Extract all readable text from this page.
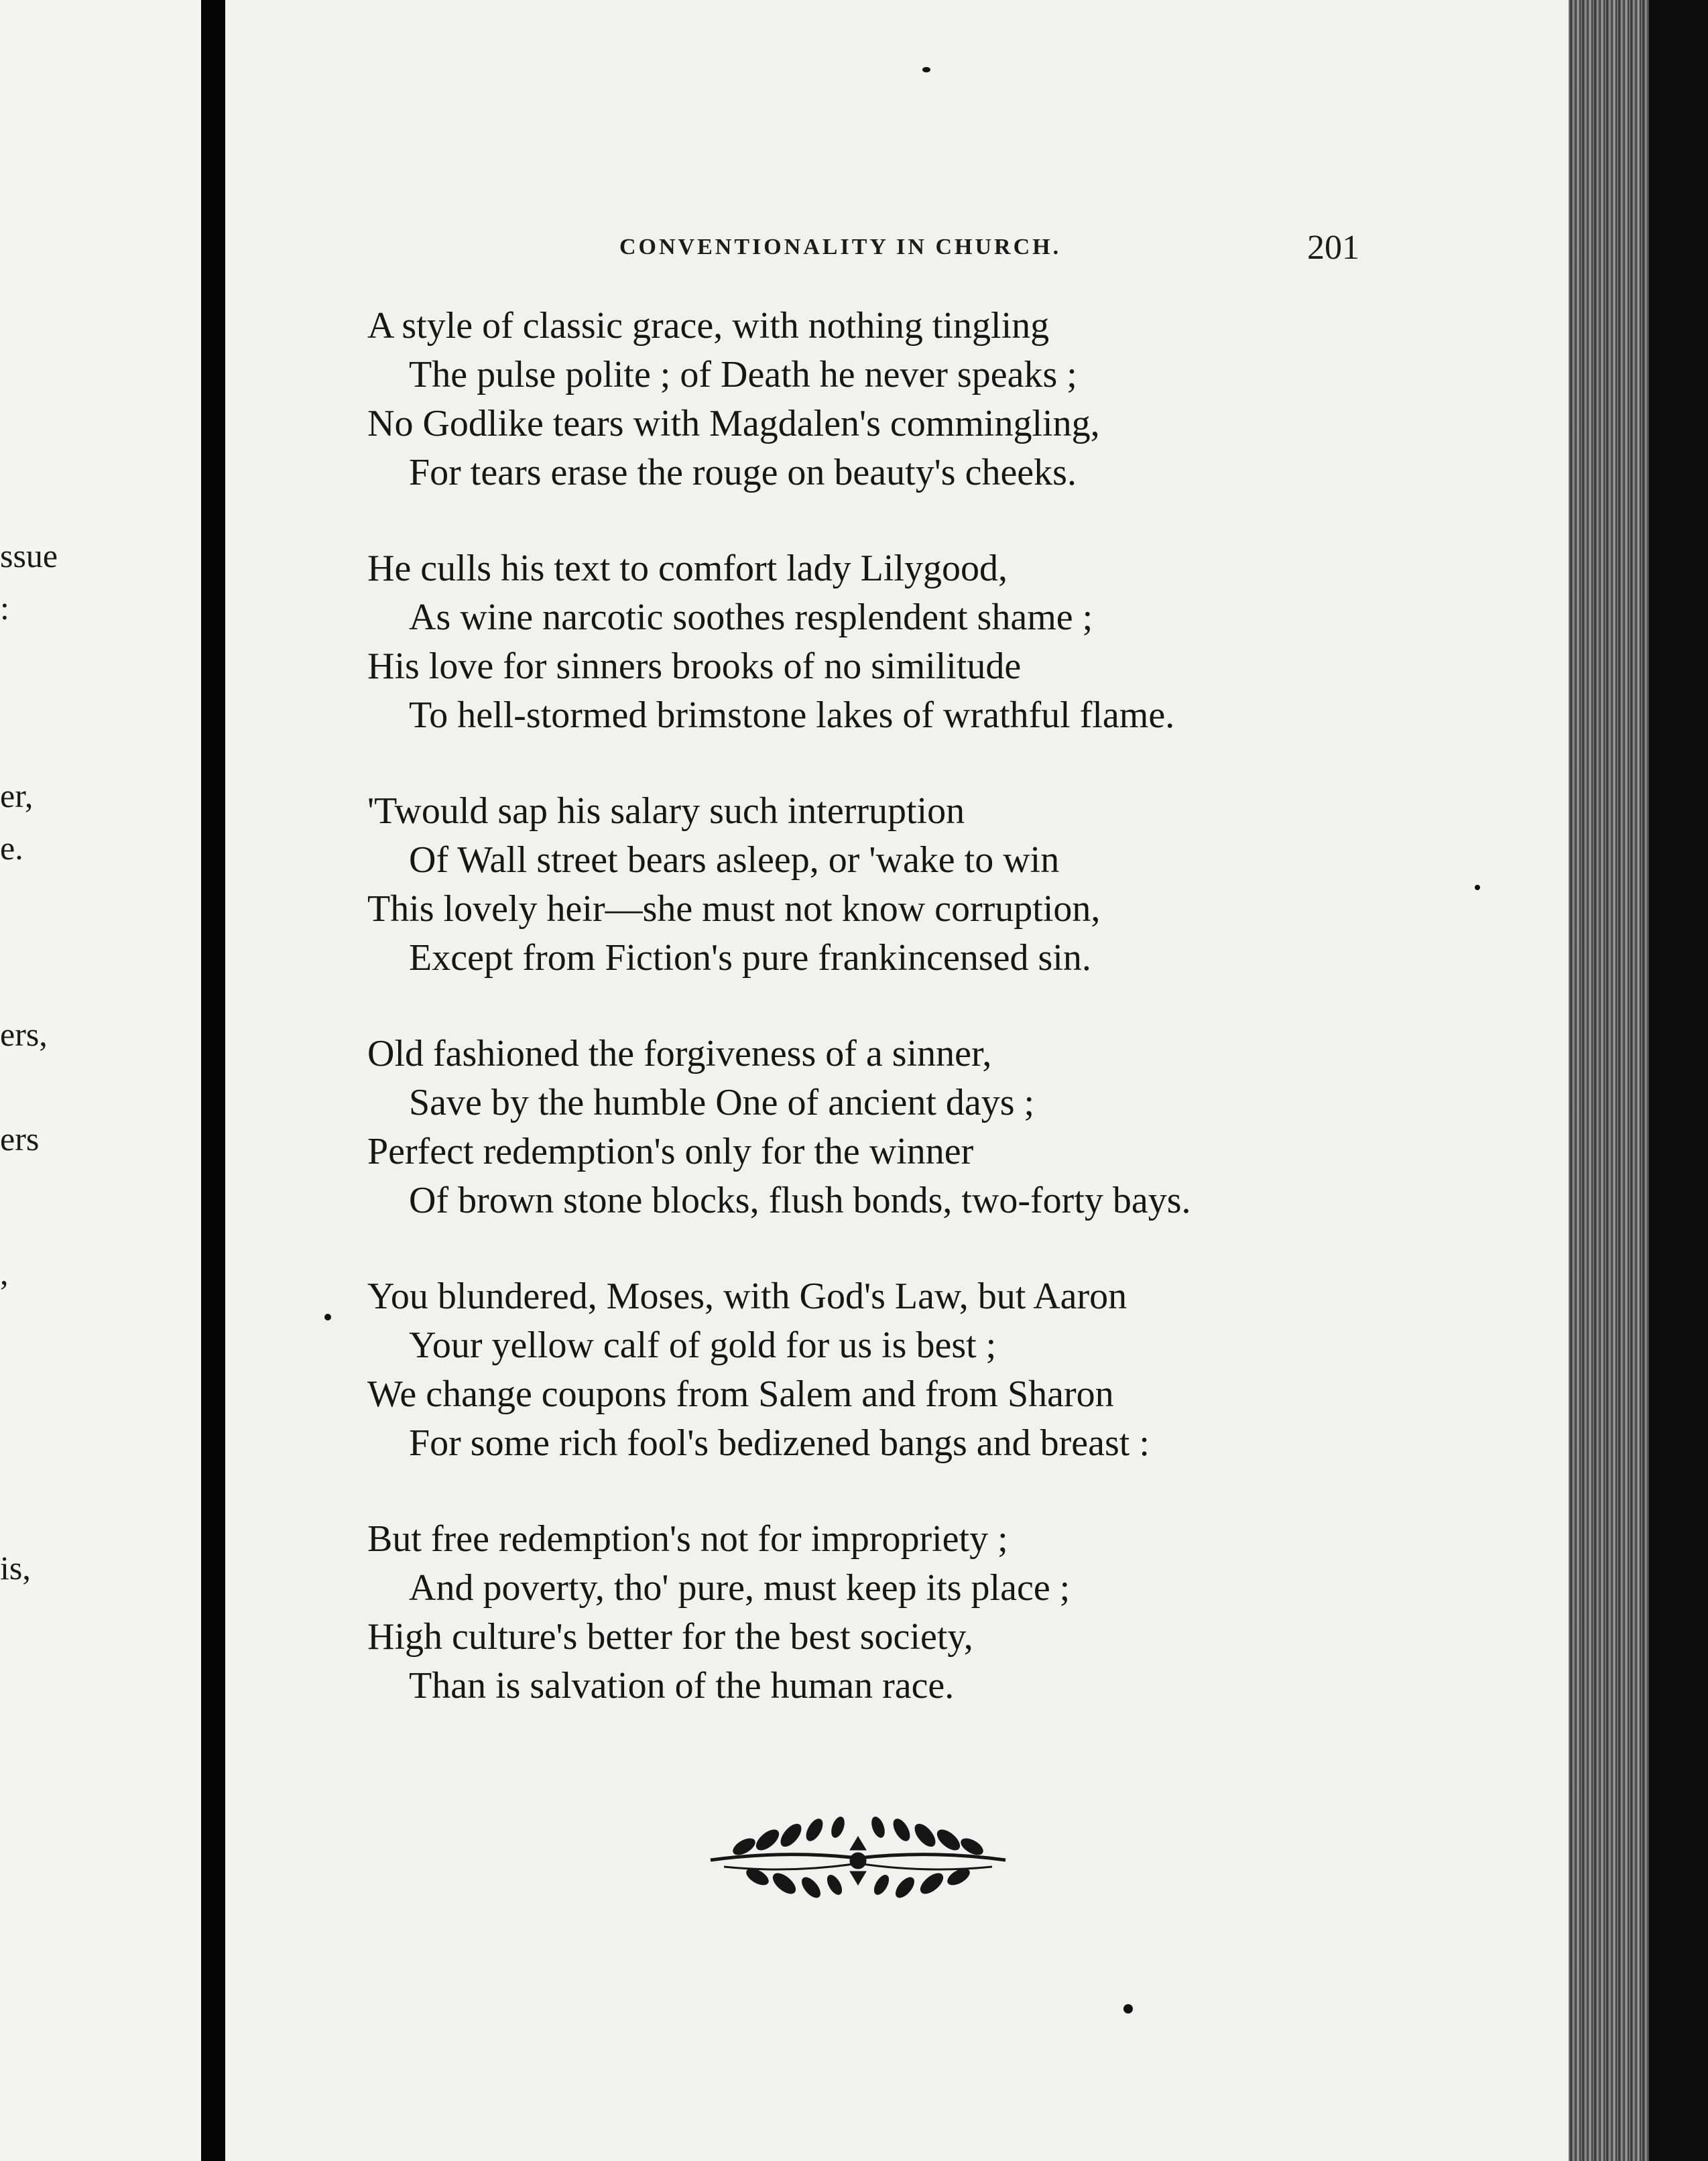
ssue
:
er,
e.
ers,
ers
,
is,
CONVENTIONALITY IN CHURCH.	201
A style of classic grace, with nothing tingling
The pulse polite ; of Death he never speaks ;
No Godlike tears with Magdalen's commingling,
For tears erase the rouge on beauty's cheeks.
He culls his text to comfort lady Lilygood,
As wine narcotic soothes resplendent shame ;
His love for sinners brooks of no similitude
To hell-stormed brimstone lakes of wrathful flame.
'Twould sap his salary such interruption
Of Wall street bears asleep, or 'wake to win
This lovely heir—she must not know corruption,
Except from Fiction's pure frankincensed sin.
Old fashioned the forgiveness of a sinner,
Save by the humble One of ancient days ;
Perfect redemption's only for the winner
Of brown stone blocks, flush bonds, two-forty bays.
You blundered, Moses, with God's Law, but Aaron
Your yellow calf of gold for us is best ;
We change coupons from Salem and from Sharon
For some rich fool's bedizened bangs and breast :
But free redemption's not for impropriety ;
And poverty, tho' pure, must keep its place ;
High culture's better for the best society,
Than is salvation of the human race.
